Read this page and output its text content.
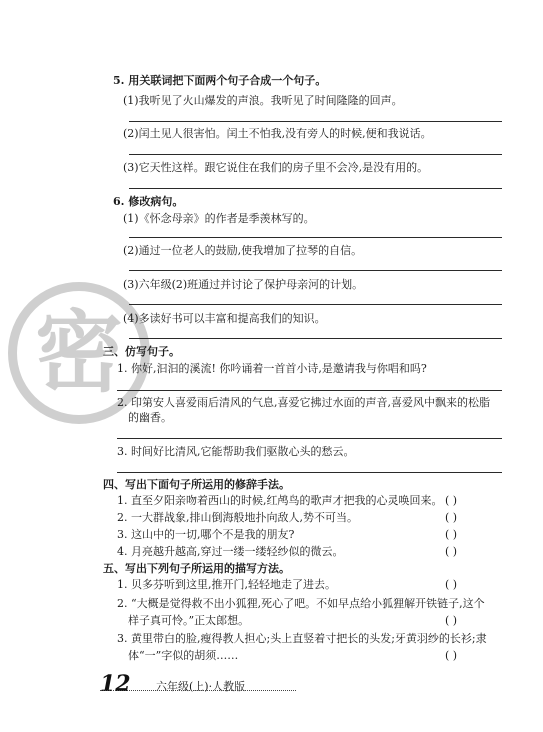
密
5. 用关联词把下面两个句子合成一个句子。
(1)我听见了火山爆发的声浪。我听见了时间隆隆的回声。
(2)闰土见人很害怕。闰土不怕我,没有旁人的时候,便和我说话。
(3)它天性这样。跟它说住在我们的房子里不会冷,是没有用的。
6. 修改病句。
(1)《怀念母亲》的作者是季羡林写的。
(2)通过一位老人的鼓励,使我增加了拉琴的自信。
(3)六年级(2)班通过并讨论了保护母亲河的计划。
(4)多读好书可以丰富和提高我们的知识。
三、仿写句子。
1. 你好,汩汩的溪流! 你吟诵着一首首小诗,是邀请我与你唱和吗?
2. 印第安人喜爱雨后清风的气息,喜爱它拂过水面的声音,喜爱风中飘来的松脂
的幽香。
3. 时间好比清风,它能帮助我们驱散心头的愁云。
四、写出下面句子所运用的修辞手法。
1. 直至夕阳亲吻着西山的时候,红鸬鸟的歌声才把我的心灵唤回来。 ( )
2. 一大群战象,排山倒海般地扑向敌人,势不可当。	( )
3. 这山中的一切,哪个不是我的朋友?	( )
4. 月亮越升越高,穿过一缕一缕轻纱似的微云。	( )
五、写出下列句子所运用的描写方法。
1. 贝多芬听到这里,推开门,轻轻地走了进去。	( )
2. “大概是觉得救不出小狐狸,死心了吧。不如早点给小狐狸解开铁链子,这个
样子真可怜。”正太郎想。	( )
3. 黄里带白的脸,瘦得教人担心;头上直竖着寸把长的头发;牙黄羽纱的长衫;隶
体“一”字似的胡须……	( )
12 六年级(上)·人教版
